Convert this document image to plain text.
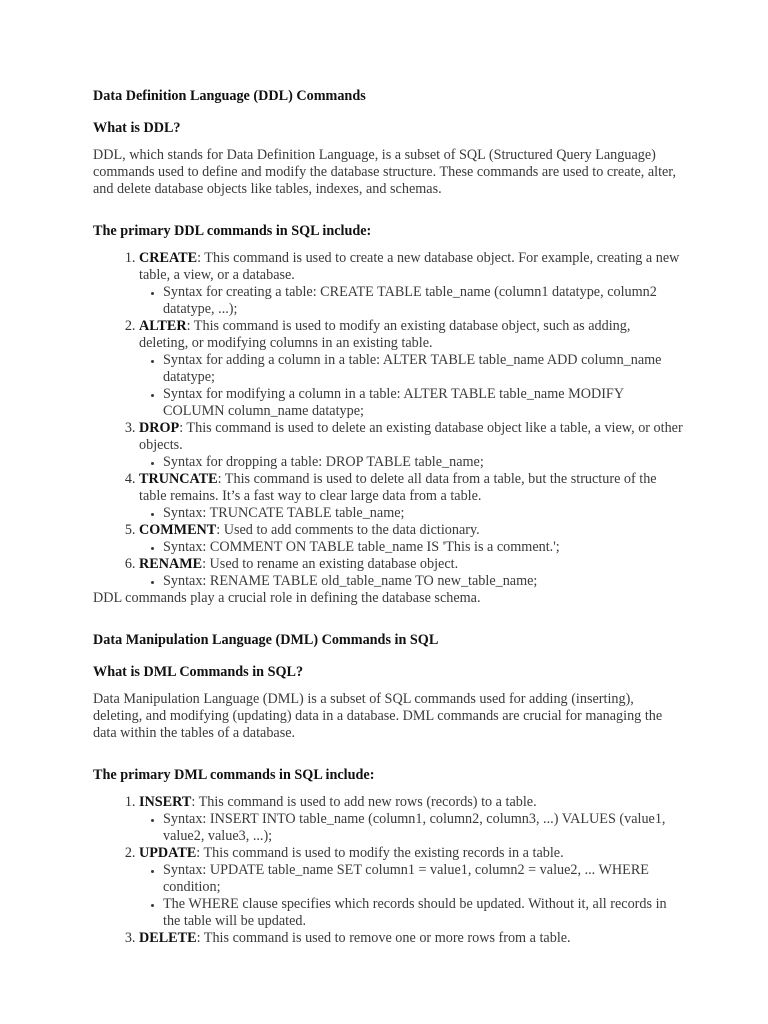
Data Definition Language (DDL) Commands
What is DDL?

DDL, which stands for Data Definition Language, is a subset of SQL (Structured Query Language) commands used to define and modify the database structure. These commands are used to create, alter, and delete database objects like tables, indexes, and schemas.

The primary DDL commands in SQL include:
1. CREATE: This command is used to create a new database object. For example, creating a new table, a view, or a database.
• Syntax for creating a table: CREATE TABLE table_name (column1 datatype, column2 datatype, ...);
2. ALTER: This command is used to modify an existing database object, such as adding, deleting, or modifying columns in an existing table.
• Syntax for adding a column in a table: ALTER TABLE table_name ADD column_name datatype;
• Syntax for modifying a column in a table: ALTER TABLE table_name MODIFY COLUMN column_name datatype;
3. DROP: This command is used to delete an existing database object like a table, a view, or other objects.
• Syntax for dropping a table: DROP TABLE table_name;
4. TRUNCATE: This command is used to delete all data from a table, but the structure of the table remains. It’s a fast way to clear large data from a table.
• Syntax: TRUNCATE TABLE table_name;
5. COMMENT: Used to add comments to the data dictionary.
• Syntax: COMMENT ON TABLE table_name IS 'This is a comment.';
6. RENAME: Used to rename an existing database object.
• Syntax: RENAME TABLE old_table_name TO new_table_name;

DDL commands play a crucial role in defining the database schema.

Data Manipulation Language (DML) Commands in SQL
What is DML Commands in SQL?

Data Manipulation Language (DML) is a subset of SQL commands used for adding (inserting), deleting, and modifying (updating) data in a database. DML commands are crucial for managing the data within the tables of a database.

The primary DML commands in SQL include:
1. INSERT: This command is used to add new rows (records) to a table.
• Syntax: INSERT INTO table_name (column1, column2, column3, ...) VALUES (value1, value2, value3, ...);
2. UPDATE: This command is used to modify the existing records in a table.
• Syntax: UPDATE table_name SET column1 = value1, column2 = value2, ... WHERE condition;
• The WHERE clause specifies which records should be updated. Without it, all records in the table will be updated.
3. DELETE: This command is used to remove one or more rows from a table.
